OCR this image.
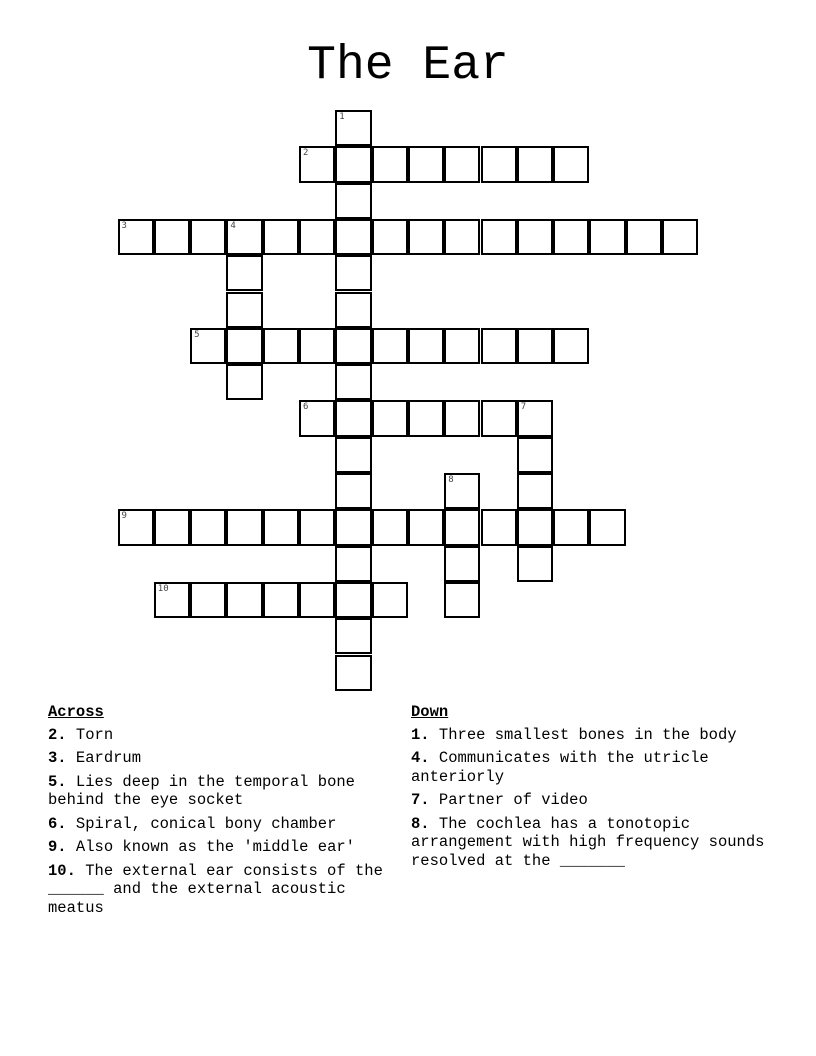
The Ear
1
2
3	4
5
6	7
8
9
10
Across
2. Torn
3. Eardrum
5. Lies deep in the temporal bone behind the eye socket
6. Spiral, conical bony chamber
9. Also known as the 'middle ear'
10. The external ear consists of the ______ and the external acoustic meatus
Down
1. Three smallest bones in the body
4. Communicates with the utricle anteriorly
7. Partner of video
8. The cochlea has a tonotopic arrangement with high frequency sounds resolved at the _______
